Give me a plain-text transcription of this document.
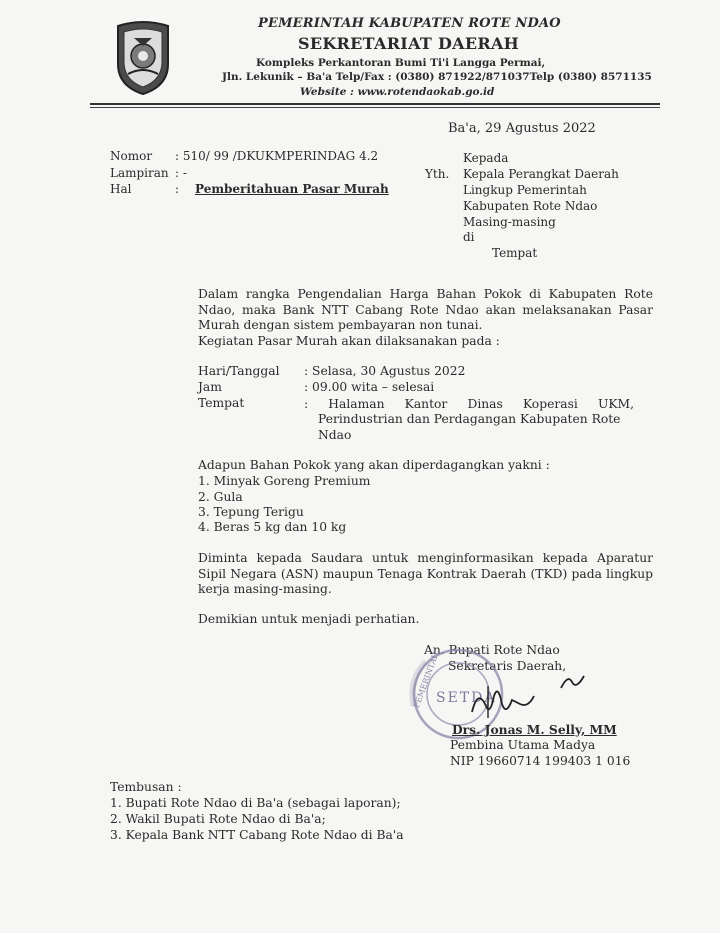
PEMERINTAH KABUPATEN ROTE NDAO
SEKRETARIAT DAERAH
Kompleks Perkantoran Bumi Ti'i Langga Permai,
Jln. Lekunik – Ba'a Telp/Fax : (0380) 871922/871037Telp (0380) 8571135
Website : www.rotendaokab.go.id
Ba'a, 29 Agustus 2022
Nomor : 510/ 99 /DKUKMPERINDAG 4.2
Lampiran : -
Hal	: Pemberitahuan Pasar Murah
Kepada
Yth. Kepala Perangkat Daerah
Lingkup Pemerintah
Kabupaten Rote Ndao
Masing-masing
di
Tempat
Dalam rangka Pengendalian Harga Bahan Pokok di Kabupaten Rote
Ndao, maka Bank NTT Cabang Rote Ndao akan melaksanakan Pasar
Murah dengan sistem pembayaran non tunai.
Kegiatan Pasar Murah akan dilaksanakan pada :
Hari/Tanggal : Selasa, 30 Agustus 2022
Jam	: 09.00 wita – selesai
Tempat	: Halaman Kantor Dinas Koperasi UKM,
Perindustrian dan Perdagangan Kabupaten Rote
Ndao
Adapun Bahan Pokok yang akan diperdagangkan yakni :
1. Minyak Goreng Premium
2. Gula
3. Tepung Terigu
4. Beras 5 kg dan 10 kg
Diminta kepada Saudara untuk menginformasikan kepada Aparatur
Sipil Negara (ASN) maupun Tenaga Kontrak Daerah (TKD) pada lingkup
kerja masing-masing.
Demikian untuk menjadi perhatian.
An. Bupati Rote Ndao
Sekretaris Daerah,
SETDA
PEMERINTAH
Drs. Jonas M. Selly, MM
Pembina Utama Madya
NIP 19660714 199403 1 016
Tembusan :
1. Bupati Rote Ndao di Ba'a (sebagai laporan);
2. Wakil Bupati Rote Ndao di Ba'a;
3. Kepala Bank NTT Cabang Rote Ndao di Ba'a
